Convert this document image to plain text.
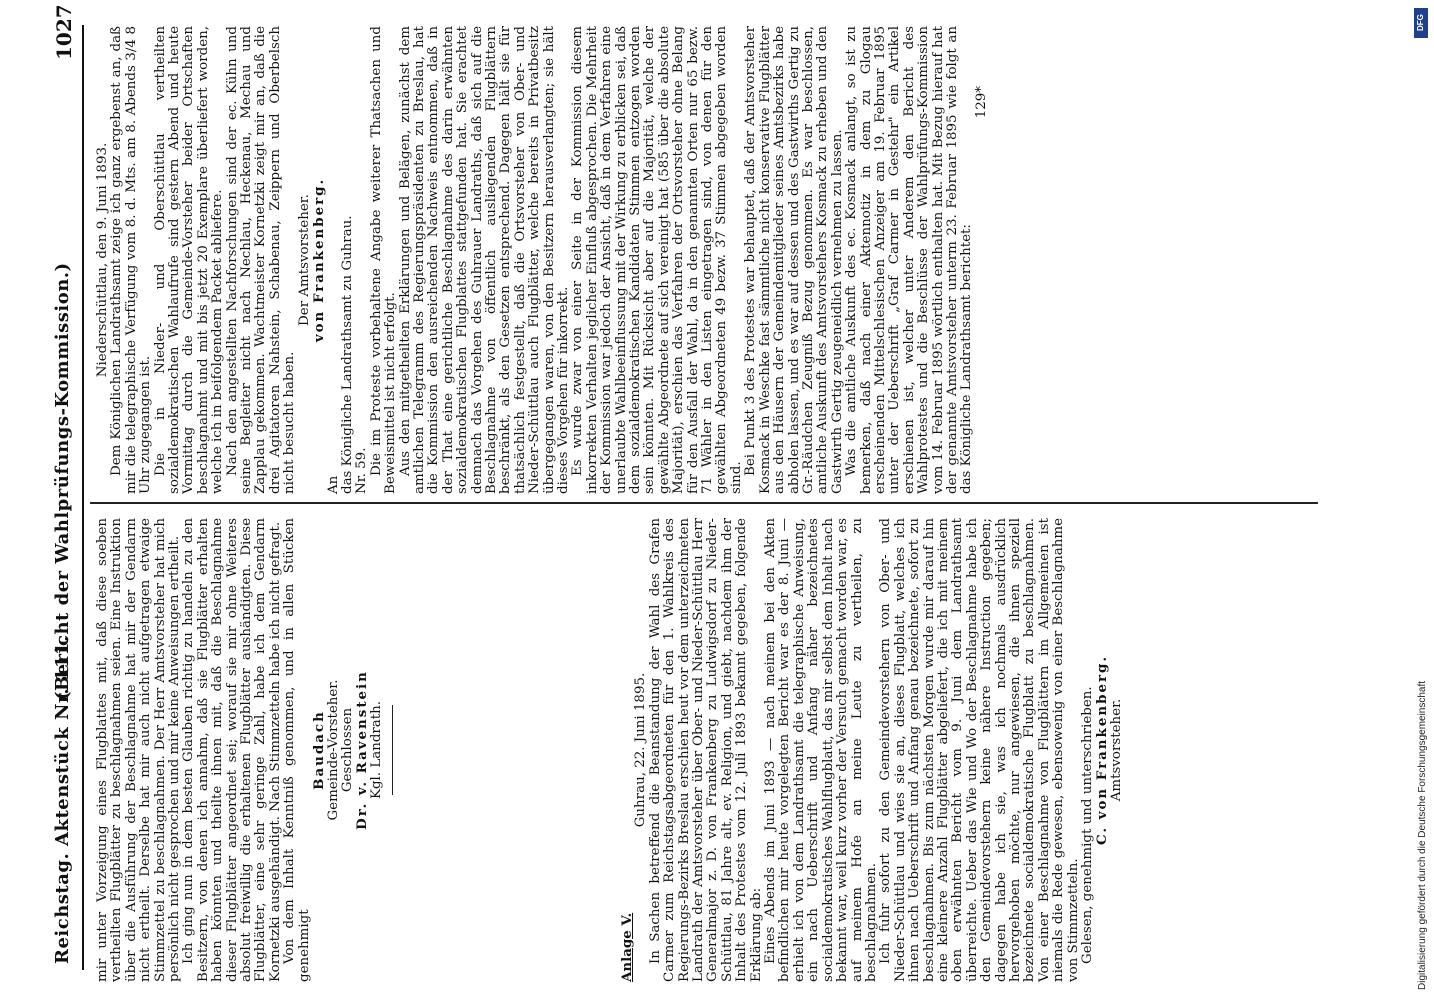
Reichstag. Aktenstück Nr. 111.
(Bericht der Wahlprüfungs-Kommission.)
1027

mir unter Vorzeigung eines Flugblattes mit, daß diese soeben vertheilten Flugblätter zu beschlagnahmen seien. Eine Instruktion über die Ausführung der Beschlagnahme hat mir der Gendarm nicht ertheilt. Derselbe hat mir auch nicht aufgetragen etwaige Stimmzettel zu beschlagnahmen. Der Herr Amtsvorsteher hat mich persönlich nicht gesprochen und mir keine Anweisungen ertheilt. Ich ging nun in dem besten Glauben richtig zu handeln zu den Besitzern, von denen ich annahm, daß sie Flugblätter erhalten haben könnten und theilte ihnen mit, daß die Beschlagnahme dieser Flugblätter angeordnet sei; worauf sie mir ohne Weiteres absolut freiwillig die erhaltenen Flugblätter aushändigten. Diese Flugblätter, eine sehr geringe Zahl, habe ich dem Gendarm Kornetzki ausgehändigt. Nach Stimmzetteln habe ich nicht gefragt. Von dem Inhalt Kenntniß genommen, und in allen Stücken genehmigt

Baudach

Gemeinde-Vorsteher. Geschlossen Dr. v. Ravenstein

Kgl. Landrath.

Anlage V.

Guhrau, 22. Juni 1895. In Sachen betreffend die Beanstandung der Wahl des Grafen Carmer zum Reichstagsabgeordneten für den 1. Wahlkreis des Regierungs-Bezirks Breslau erschien heut vor dem unterzeichneten Landrath der Amtsvorsteher über Ober- und Nieder-Schüttlau Herr Generalmajor z. D. von Frankenberg zu Ludwigsdorf zu Nieder-Schüttlau, 81 Jahre alt, ev. Religion, und giebt, nachdem ihm der Inhalt des Protestes vom 12. Juli 1893 bekannt gegeben, folgende Erklärung ab: Eines Abends im Juni 1893 — nach meinem bei den Akten befindlichen mir heute vorgelegten Bericht war es der 8. Juni — erhielt ich von dem Landrathsamt die telegraphische Anweisung, ein nach Ueberschrift und Anfang näher bezeichnetes socialdemokratisches Wahlflugblatt, das mir selbst dem Inhalt nach bekannt war, weil kurz vorher der Versuch gemacht worden war, es auf meinem Hofe an meine Leute zu vertheilen, zu beschlagnahmen. Ich fuhr sofort zu den Gemeindevorstehern von Ober- und Nieder-Schüttlau und wies sie an, dieses Flugblatt, welches ich ihnen nach Ueberschrift und Anfang genau bezeichnete, sofort zu beschlagnahmen. Bis zum nächsten Morgen wurde mir darauf hin eine kleinere Anzahl Flugblätter abgeliefert, die ich mit meinem oben erwähnten Bericht vom 9. Juni dem Landrathsamt überreichte. Ueber das Wie und Wo der Beschlagnahme habe ich den Gemeindevorstehern keine nähere Instruction gegeben; dagegen habe ich sie, was ich nochmals ausdrücklich hervorgehoben möchte, nur angewiesen, die ihnen speziell bezeichnete socialdemokratische Flugblatt zu beschlagnahmen. Von einer Beschlagnahme von Flugblättern im Allgemeinen ist niemals die Rede gewesen, ebensowenig von einer Beschlagnahme von Stimmzetteln. Gelesen, genehmigt und unterschrieben. C. von Frankenberg.

Amtsvorsteher.

Niederschüttlau, den 9. Juni 1893. Dem Königlichen Landrathsamt zeige ich ganz ergebenst an, daß mir die telegraphische Verfügung vom 8. d. Mts. am 8. Abends 3/4 8 Uhr zugegangen ist. Die in Nieder- und Oberschüttlau vertheilten sozialdemokratischen Wahlaufrufe sind gestern Abend und heute Vormittag durch die Gemeinde-Vorsteher beider Ortschaften beschlagnahmt und mit bis jetzt 20 Exemplare überliefert worden, welche ich in beifolgendem Packet abliefere. Nach den angestellten Nachforschungen sind der ec. Kühn und seine Begleiter nicht nach Nechlau, Heckenau, Mechau und Zapplau gekommen. Wachtmeister Kornetzki zeigt mir an, daß die drei Agitatoren Nahstein, Schabenau, Zeippern und Oberbelsch nicht besucht haben.

Der Amtsvorsteher. von Frankenberg.

An das Königliche Landrathsamt zu Guhrau. Nr. 59. Die im Proteste vorbehaltene Angabe weiterer Thatsachen und Beweismittel ist nicht erfolgt. Aus den mitgetheilten Erklärungen und Belägen, zunächst dem amtlichen Telegramm des Regierungspräsidenten zu Breslau, hat die Kommission den ausreichenden Nachweis entnommen, daß in der That eine gerichtliche Beschlagnahme des darin erwähnten sozialdemokratischen Flugblattes stattgefunden hat. Sie erachtet demnach das Vorgehen des Guhrauer Landraths, daß sich auf die Beschlagnahme von öffentlich ausliegenden Flugblättern beschränkt, als den Gesetzen entsprechend. Dagegen hält sie für thatsächlich festgestellt, daß die Ortsvorsteher von Ober- und Nieder-Schüttlau auch Flugblätter, welche bereits in Privatbesitz übergegangen waren, von den Besitzern herausverlangten; sie hält dieses Vorgehen für inkorrekt. Es wurde zwar von einer Seite in der Kommission diesem inkorrekten Verhalten jeglicher Einfluß abgesprochen. Die Mehrheit der Kommission war jedoch der Ansicht, daß in dem Verfahren eine unerlaubte Wahlbeeinflussung mit der Wirkung zu erblicken sei, daß dem sozialdemokratischen Kandidaten Stimmen entzogen worden sein könnten. Mit Rücksicht aber auf die Majorität, welche der gewählte Abgeordnete auf sich vereinigt hat (585 über die absolute Majorität), erschien das Verfahren der Ortsvorsteher ohne Belang für den Ausfall der Wahl, da in den genannten Orten nur 65 bezw. 71 Wähler in den Listen eingetragen sind, von denen für den gewählten Abgeordneten 49 bezw. 37 Stimmen abgegeben worden sind.

Bei Punkt 3 des Protestes war behauptet, daß der Amtsvorsteher Kosmack in Weschke fast sämmtliche nicht konservative Flugblätter aus den Häusern der Gemeindemitglieder seines Amtsbezirks habe abholen lassen, und es war auf dessen und des Gastwirths Gertig zu Gr.-Räudchen Zeugniß Bezug genommen. Es war beschlossen, amtliche Auskunft des Amtsvorstehers Kosmack zu erheben und den Gastwirth Gertig zeugeneidlich vernehmen zu lassen. Was die amtliche Auskunft des ec. Kosmack anlangt, so ist zu bemerken, daß nach einer Aktennotiz in dem zu Glogau erscheinenden Mittelschlesischen Anzeiger am 19. Februar 1895 unter der Ueberschrift „Graf Carmer in Gestehr" ein Artikel erschienen ist, welcher unter Anderem den Bericht des Wahlprotestes und die Beschlüsse der Wahlprüfungs-Kommission vom 14. Februar 1895 wörtlich enthalten hat. Mit Bezug hierauf hat der genannte Amtsvorsteher unterm 23. Februar 1895 wie folgt an das Königliche Landrathsamt berichtet:

129*

DFG
Digitalisierung gefördert durch die Deutsche Forschungsgemeinschaft
